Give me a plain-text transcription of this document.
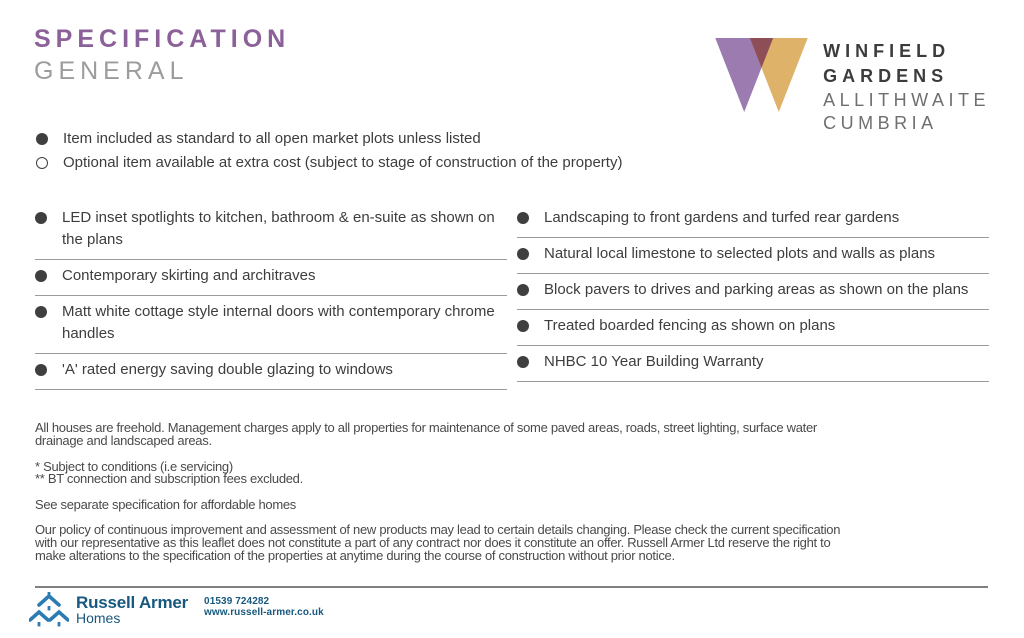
SPECIFICATION
GENERAL
WINFIELD
GARDENS
ALLITHWAITE
CUMBRIA
Item included as standard to all open market plots unless listed
Optional item available at extra cost (subject to stage of construction of the property)
LED inset spotlights to kitchen, bathroom & en-suite as shown on the plans
Contemporary skirting and architraves
Matt white cottage style internal doors with contemporary chrome handles
'A' rated energy saving double glazing to windows
Landscaping to front gardens and turfed rear gardens
Natural local limestone to selected plots and walls as plans
Block pavers to drives and parking areas as shown on the plans
Treated boarded fencing as shown on plans
NHBC 10 Year Building Warranty

All houses are freehold. Management charges apply to all properties for maintenance of some paved areas, roads, street lighting, surface water drainage and landscaped areas.

* Subject to conditions (i.e servicing)

** BT connection and subscription fees excluded.

See separate specification for affordable homes

Our policy of continuous improvement and assessment of new products may lead to certain details changing. Please check the current specification with our representative as this leaflet does not constitute a part of any contract nor does it constitute an offer. Russell Armer Ltd reserve the right to make alterations to the specification of the properties at anytime during the course of construction without prior notice.

Russell Armer
Homes
01539 724282
www.russell-armer.co.uk
